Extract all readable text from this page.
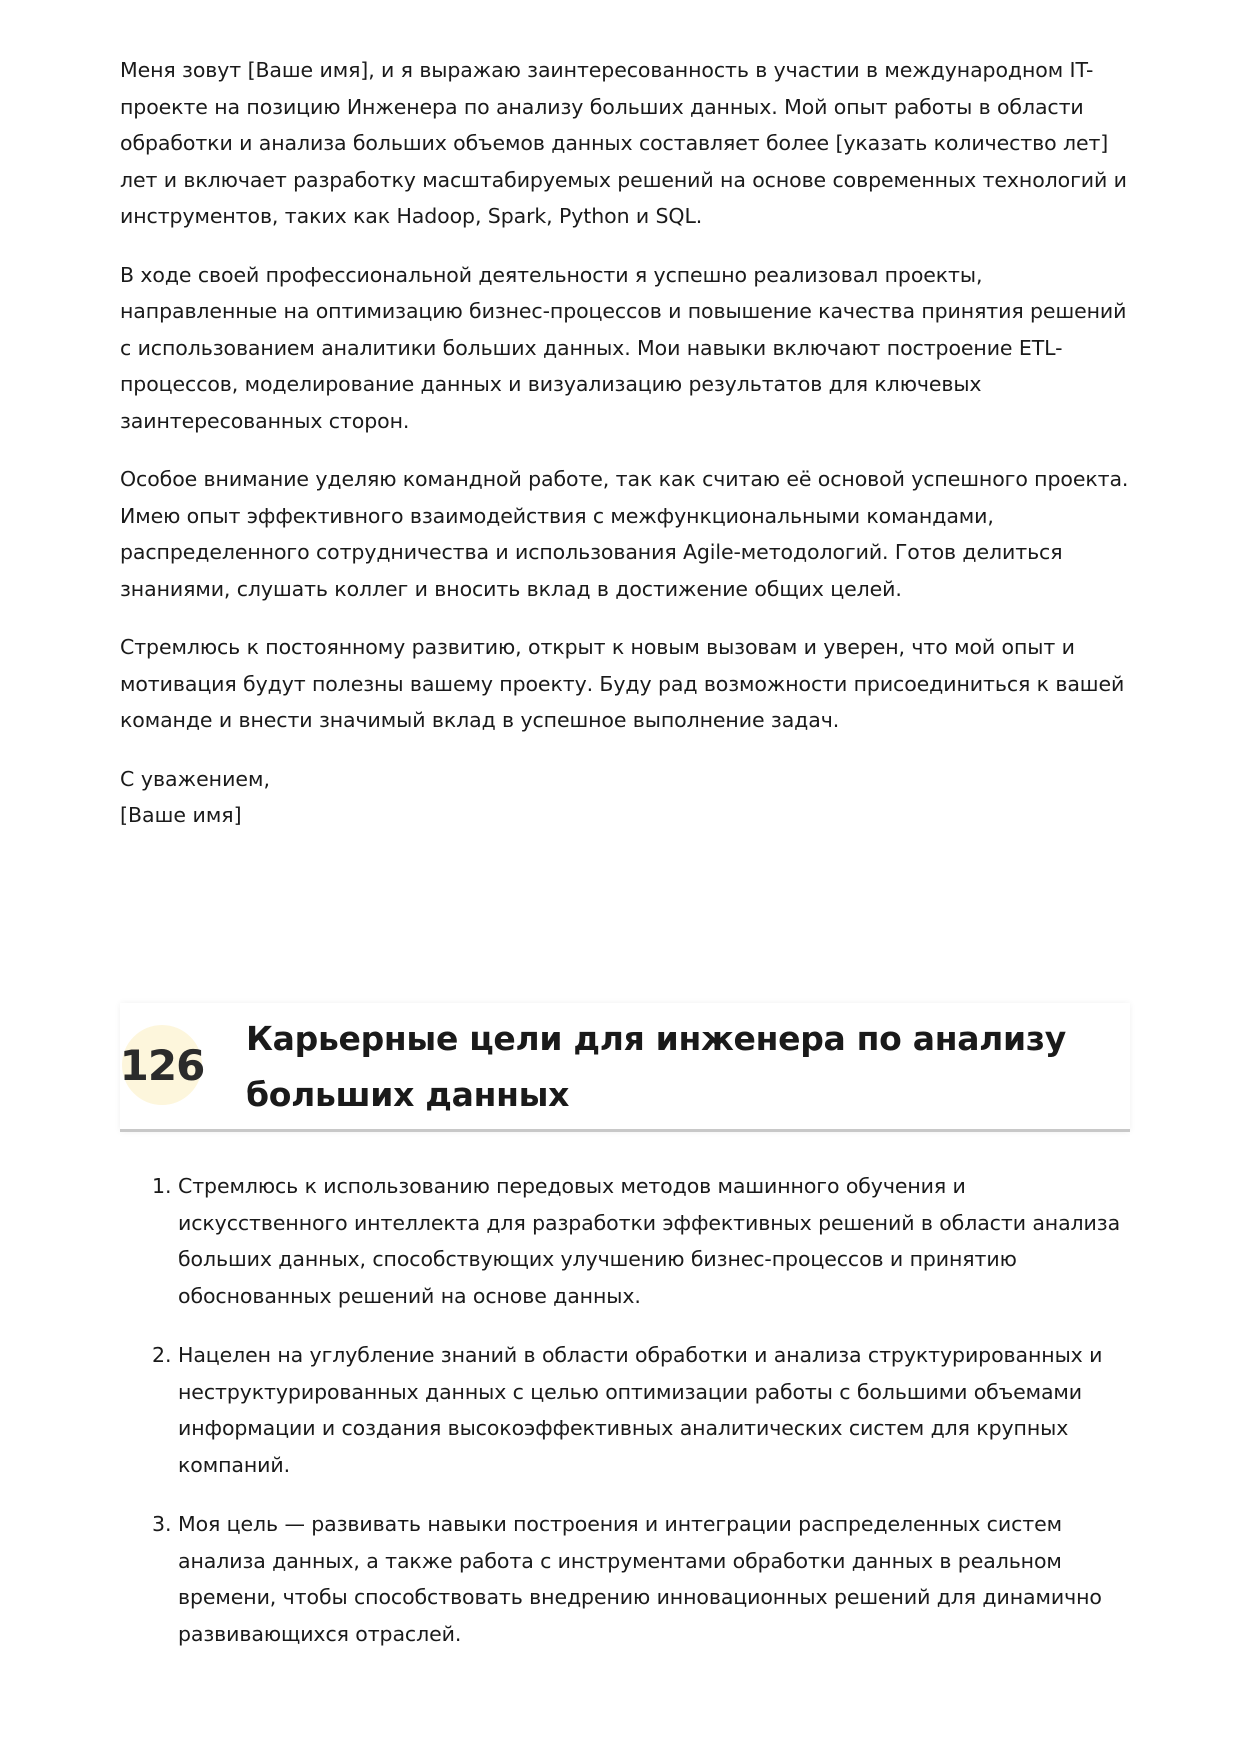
Меня зовут [Ваше имя], и я выражаю заинтересованность в участии в международном IT-проекте на позицию Инженера по анализу больших данных. Мой опыт работы в области обработки и анализа больших объемов данных составляет более [указать количество лет] лет и включает разработку масштабируемых решений на основе современных технологий и инструментов, таких как Hadoop, Spark, Python и SQL.

В ходе своей профессиональной деятельности я успешно реализовал проекты, направленные на оптимизацию бизнес-процессов и повышение качества принятия решений с использованием аналитики больших данных. Мои навыки включают построение ETL-процессов, моделирование данных и визуализацию результатов для ключевых заинтересованных сторон.

Особое внимание уделяю командной работе, так как считаю её основой успешного проекта. Имею опыт эффективного взаимодействия с межфункциональными командами, распределенного сотрудничества и использования Agile-методологий. Готов делиться знаниями, слушать коллег и вносить вклад в достижение общих целей.

Стремлюсь к постоянному развитию, открыт к новым вызовам и уверен, что мой опыт и мотивация будут полезны вашему проекту. Буду рад возможности присоединиться к вашей команде и внести значимый вклад в успешное выполнение задач.

С уважением,

[Ваше имя]

126
Карьерные цели для инженера по анализу больших данных
1. Стремлюсь к использованию передовых методов машинного обучения и искусственного интеллекта для разработки эффективных решений в области анализа больших данных, способствующих улучшению бизнес-процессов и принятию обоснованных решений на основе данных.
2. Нацелен на углубление знаний в области обработки и анализа структурированных и неструктурированных данных с целью оптимизации работы с большими объемами информации и создания высокоэффективных аналитических систем для крупных компаний.
3. Моя цель — развивать навыки построения и интеграции распределенных систем анализа данных, а также работа с инструментами обработки данных в реальном времени, чтобы способствовать внедрению инновационных решений для динамично развивающихся отраслей.
